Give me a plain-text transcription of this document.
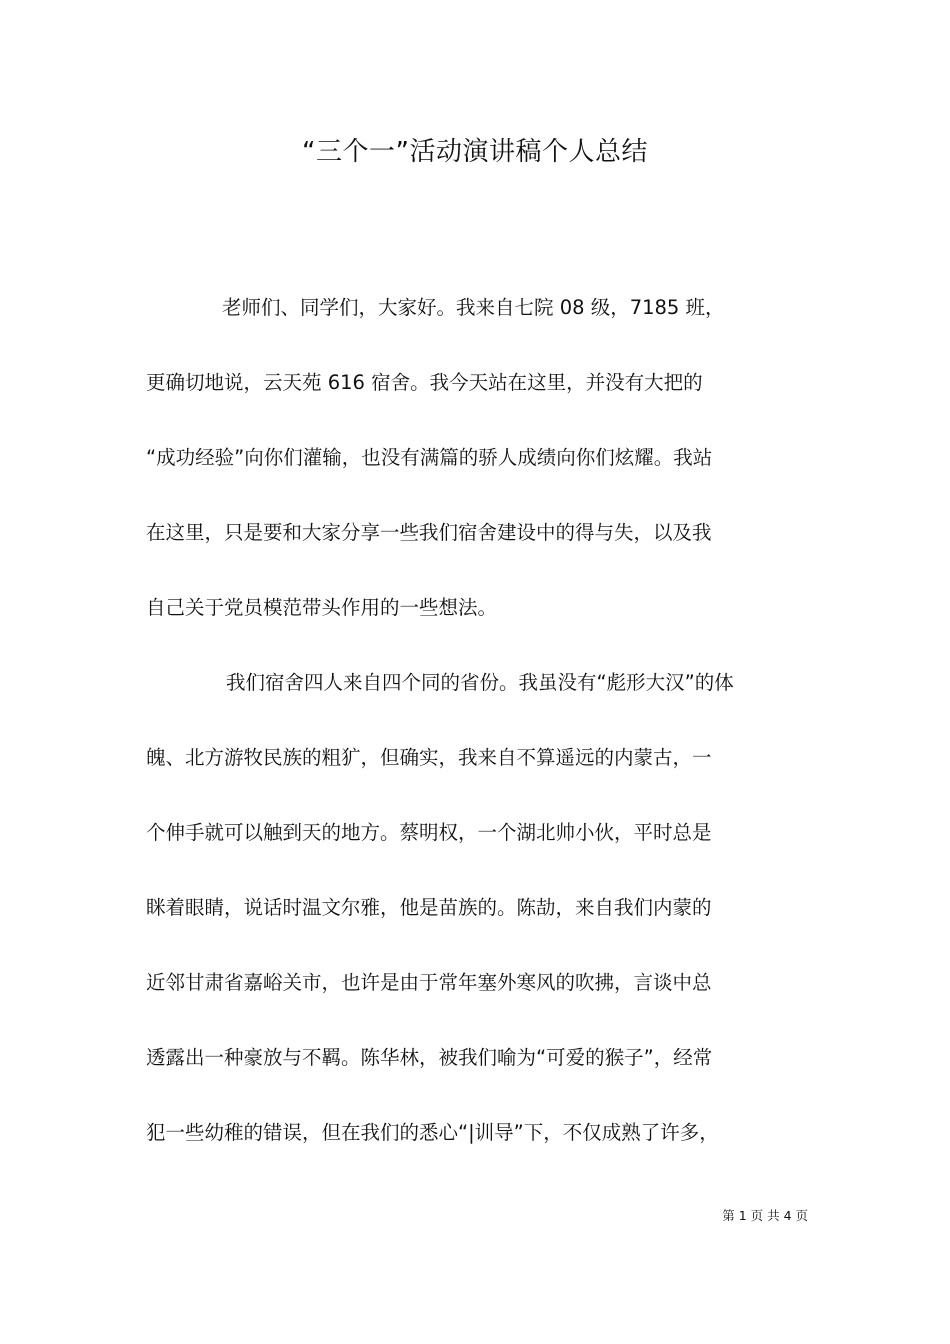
“三个一”活动演讲稿个人总结
老师们、同学们，大家好。我来自七院 08 级，7185 班，
更确切地说，云天苑 616 宿舍。我今天站在这里，并没有大把的
“成功经验”向你们灌输，也没有满篇的骄人成绩向你们炫耀。我站
在这里，只是要和大家分享一些我们宿舍建设中的得与失，以及我
自己关于党员模范带头作用的一些想法。
我们宿舍四人来自四个同的省份。我虽没有“彪形大汉”的体
魄、北方游牧民族的粗犷，但确实，我来自不算遥远的内蒙古，一
个伸手就可以触到天的地方。蔡明权，一个湖北帅小伙，平时总是
眯着眼睛，说话时温文尔雅，他是苗族的。陈劼，来自我们内蒙的
近邻甘肃省嘉峪关市，也许是由于常年塞外寒风的吹拂，言谈中总
透露出一种豪放与不羁。陈华林，被我们喻为“可爱的猴子”，经常
犯一些幼稚的错误，但在我们的悉心“|训导”下，不仅成熟了许多，
第 1 页 共 4 页
